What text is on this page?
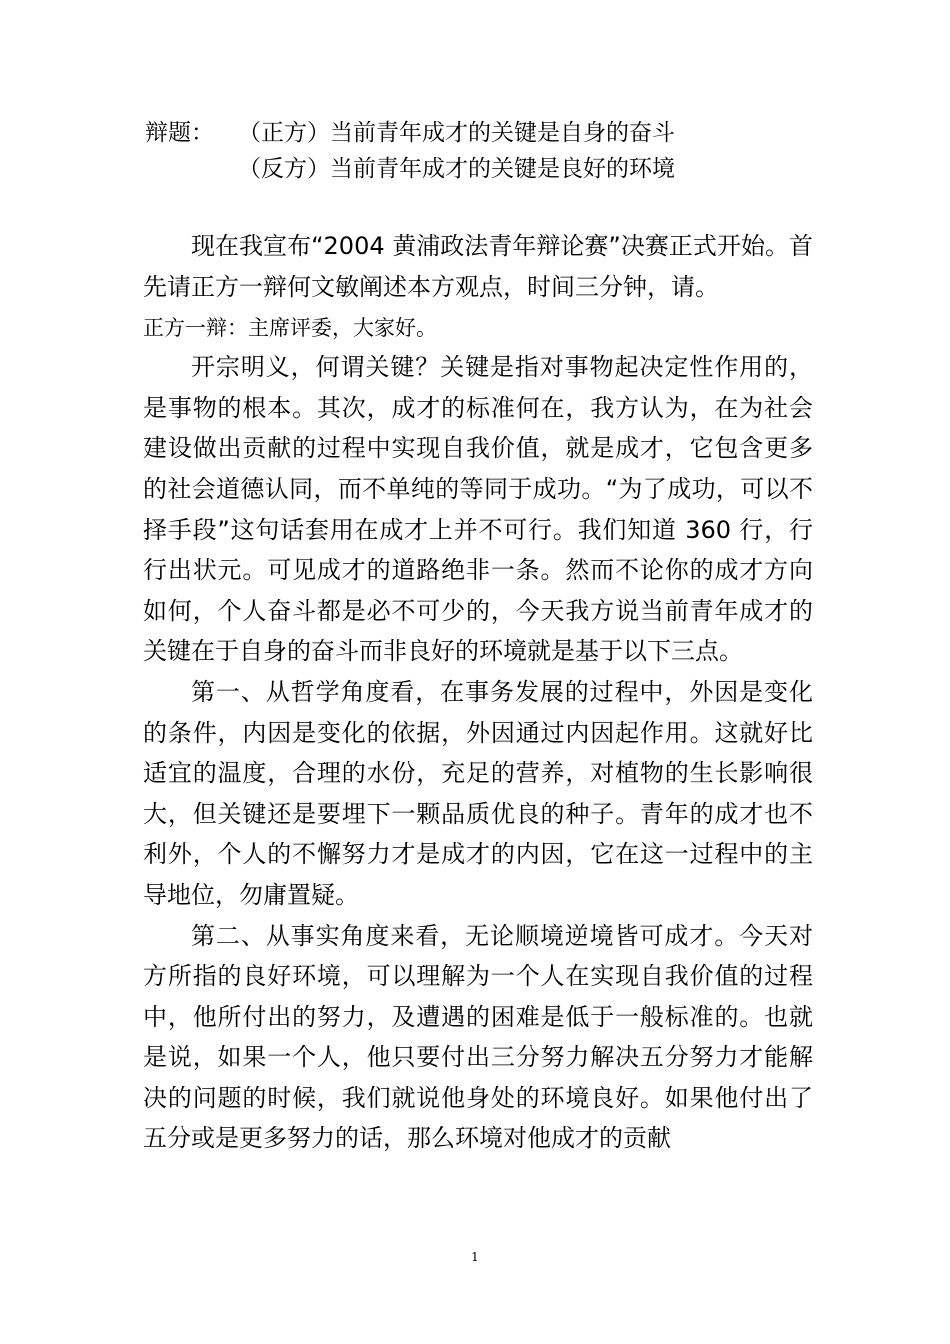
辩题： （正方）当前青年成才的关键是自身的奋斗
（反方）当前青年成才的关键是良好的环境

现在我宣布“2004 黄浦政法青年辩论赛”决赛正式开始。首先请正方一辩何文敏阐述本方观点，时间三分钟，请。

正方一辩：主席评委，大家好。

开宗明义，何谓关键？关键是指对事物起决定性作用的，是事物的根本。其次，成才的标准何在，我方认为，在为社会建设做出贡献的过程中实现自我价值，就是成才，它包含更多的社会道德认同，而不单纯的等同于成功。“为了成功，可以不择手段”这句话套用在成才上并不可行。我们知道 360 行，行行出状元。可见成才的道路绝非一条。然而不论你的成才方向如何，个人奋斗都是必不可少的，今天我方说当前青年成才的关键在于自身的奋斗而非良好的环境就是基于以下三点。

第一、从哲学角度看，在事务发展的过程中，外因是变化的条件，内因是变化的依据，外因通过内因起作用。这就好比适宜的温度，合理的水份，充足的营养，对植物的生长影响很大，但关键还是要埋下一颗品质优良的种子。青年的成才也不利外，个人的不懈努力才是成才的内因，它在这一过程中的主导地位，勿庸置疑。

第二、从事实角度来看，无论顺境逆境皆可成才。今天对方所指的良好环境，可以理解为一个人在实现自我价值的过程中，他所付出的努力，及遭遇的困难是低于一般标准的。也就是说，如果一个人，他只要付出三分努力解决五分努力才能解决的问题的时候，我们就说他身处的环境良好。如果他付出了五分或是更多努力的话，那么环境对他成才的贡献

1
